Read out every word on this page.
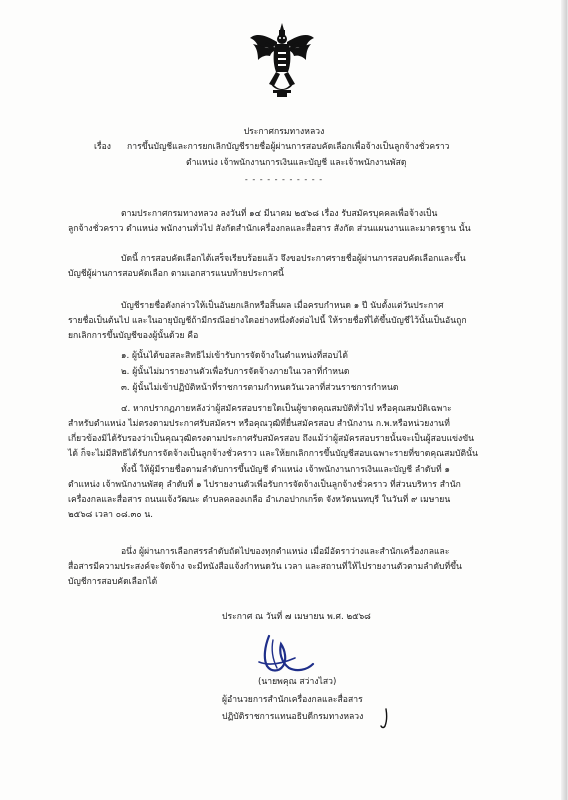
ประกาศกรมทางหลวง
เรื่อง การขึ้นบัญชีและการยกเลิกบัญชีรายชื่อผู้ผ่านการสอบคัดเลือกเพื่อจ้างเป็นลูกจ้างชั่วคราว
ตำแหน่ง เจ้าพนักงานการเงินและบัญชี และเจ้าพนักงานพัสดุ
- - - - - - - - - - -
ตามประกาศกรมทางหลวง ลงวันที่ ๑๔ มีนาคม ๒๕๖๘ เรื่อง รับสมัครบุคคลเพื่อจ้างเป็น
ลูกจ้างชั่วคราว ตำแหน่ง พนักงานทั่วไป สังกัดสำนักเครื่องกลและสื่อสาร สังกัด ส่วนแผนงานและมาตรฐาน นั้น
บัดนี้ การสอบคัดเลือกได้เสร็จเรียบร้อยแล้ว จึงขอประกาศรายชื่อผู้ผ่านการสอบคัดเลือกและขึ้น
บัญชีผู้ผ่านการสอบคัดเลือก ตามเอกสารแนบท้ายประกาศนี้
บัญชีรายชื่อดังกล่าวให้เป็นอันยกเลิกหรือสิ้นผล เมื่อครบกำหนด ๑ ปี นับตั้งแต่วันประกาศ
รายชื่อเป็นต้นไป และในอายุบัญชีถ้ามีกรณีอย่างใดอย่างหนึ่งดังต่อไปนี้ ให้รายชื่อที่ได้ขึ้นบัญชีไว้นั้นเป็นอันถูก
ยกเลิกการขึ้นบัญชีของผู้นั้นด้วย คือ
๑. ผู้นั้นได้ขอสละสิทธิไม่เข้ารับการจัดจ้างในตำแหน่งที่สอบได้
๒. ผู้นั้นไม่มารายงานตัวเพื่อรับการจัดจ้างภายในเวลาที่กำหนด
๓. ผู้นั้นไม่เข้าปฏิบัติหน้าที่ราชการตามกำหนดวันเวลาที่ส่วนราชการกำหนด
๔. หากปรากฏภายหลังว่าผู้สมัครสอบรายใดเป็นผู้ขาดคุณสมบัติทั่วไป หรือคุณสมบัติเฉพาะ
สำหรับตำแหน่ง ไม่ตรงตามประกาศรับสมัครฯ หรือคุณวุฒิที่ยื่นสมัครสอบ สำนักงาน ก.พ.หรือหน่วยงานที่
เกี่ยวข้องมิได้รับรองว่าเป็นคุณวุฒิตรงตามประกาศรับสมัครสอบ ถึงแม้ว่าผู้สมัครสอบรายนั้นจะเป็นผู้สอบแข่งขัน
ได้ ก็จะไม่มีสิทธิได้รับการจัดจ้างเป็นลูกจ้างชั่วคราว และให้ยกเลิกการขึ้นบัญชีสอบเฉพาะรายที่ขาดคุณสมบัตินั้น
ทั้งนี้ ให้ผู้มีรายชื่อตามลำดับการขึ้นบัญชี ตำแหน่ง เจ้าพนักงานการเงินและบัญชี ลำดับที่ ๑
ตำแหน่ง เจ้าพนักงานพัสดุ ลำดับที่ ๑ ไปรายงานตัวเพื่อรับการจัดจ้างเป็นลูกจ้างชั่วคราว ที่ส่วนบริหาร สำนัก
เครื่องกลและสื่อสาร ถนนแจ้งวัฒนะ ตำบลคลองเกลือ อำเภอปากเกร็ด จังหวัดนนทบุรี ในวันที่ ๙ เมษายน
๒๕๖๘ เวลา ๐๘.๓๐ น.
อนึ่ง ผู้ผ่านการเลือกสรรลำดับถัดไปของทุกตำแหน่ง เมื่อมีอัตราว่างและสำนักเครื่องกลและ
สื่อสารมีความประสงค์จะจัดจ้าง จะมีหนังสือแจ้งกำหนดวัน เวลา และสถานที่ให้ไปรายงานตัวตามลำดับที่ขึ้น
บัญชีการสอบคัดเลือกได้
ประกาศ ณ วันที่ ๗ เมษายน พ.ศ. ๒๕๖๘
(นายพคุณ สว่างไสว)
ผู้อำนวยการสำนักเครื่องกลและสื่อสาร
ปฏิบัติราชการแทนอธิบดีกรมทางหลวง
